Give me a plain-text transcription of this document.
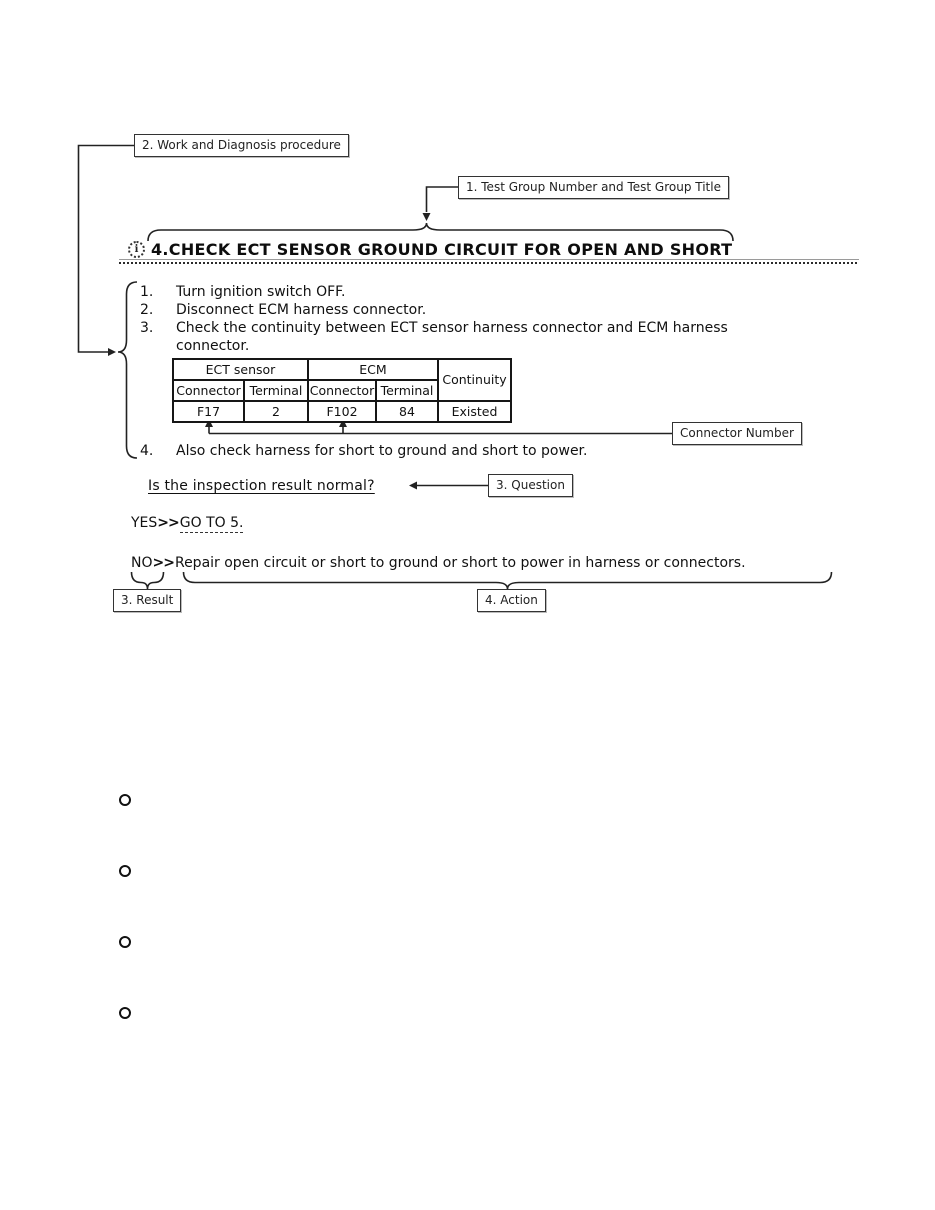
2. Work and Diagnosis procedure
1. Test Group Number and Test Group Title
Connector Number
3. Question
3. Result	4. Action
i 4.CHECK ECT SENSOR GROUND CIRCUIT FOR OPEN AND SHORT
1. Turn ignition switch OFF.
2. Disconnect ECM harness connector.
3. Check the continuity between ECT sensor harness connector and ECM harness
connector.
ECT sensor		ECM		Continuity
Connector	Terminal	Connector	Terminal	
F17	2	F102	84	Existed
4. Also check harness for short to ground and short to power.
Is the inspection result normal?
YES>>GO TO 5.
NO>>Repair open circuit or short to ground or short to power in harness or connectors.
